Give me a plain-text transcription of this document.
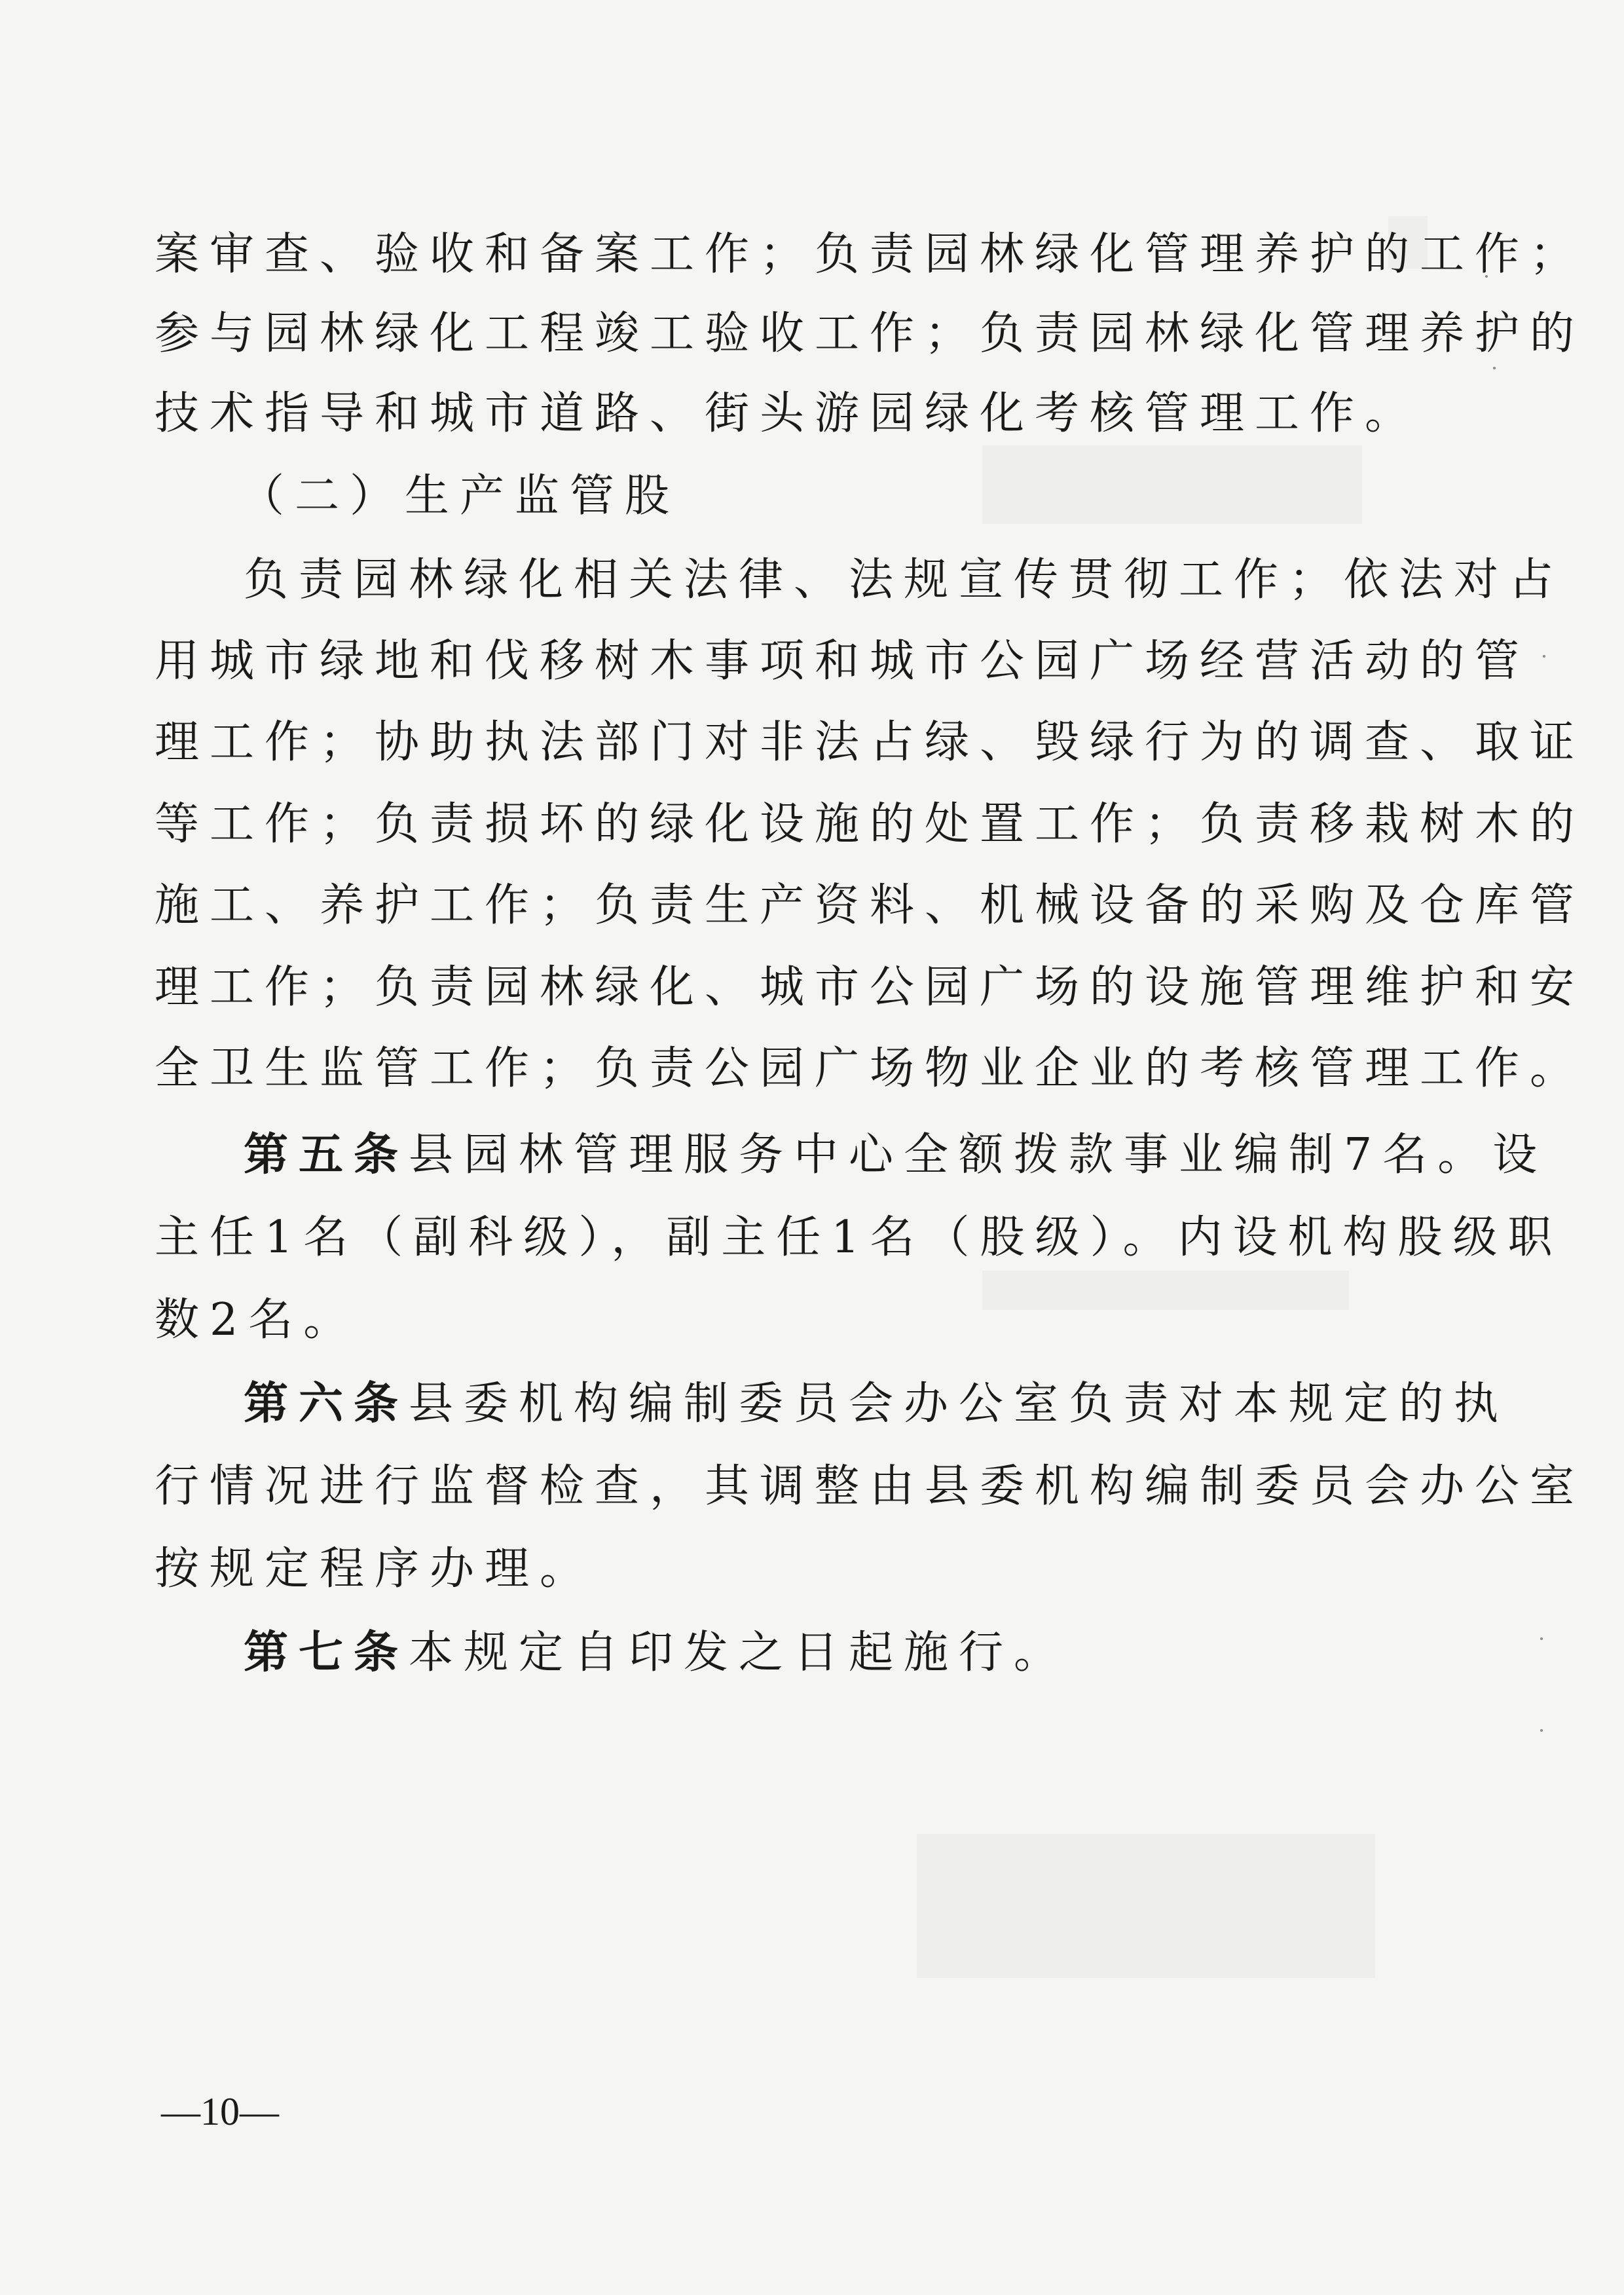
案审查、验收和备案工作；负责园林绿化管理养护的工作；
参与园林绿化工程竣工验收工作；负责园林绿化管理养护的
技术指导和城市道路、街头游园绿化考核管理工作。
（二）生产监管股
负责园林绿化相关法律、法规宣传贯彻工作；依法对占
用城市绿地和伐移树木事项和城市公园广场经营活动的管
理工作；协助执法部门对非法占绿、毁绿行为的调查、取证
等工作；负责损坏的绿化设施的处置工作；负责移栽树木的
施工、养护工作；负责生产资料、机械设备的采购及仓库管
理工作；负责园林绿化、城市公园广场的设施管理维护和安
全卫生监管工作；负责公园广场物业企业的考核管理工作。
第五条县园林管理服务中心全额拨款事业编制7名。设
主任1名（副科级），副主任1名（股级）。内设机构股级职
数2名。
第六条县委机构编制委员会办公室负责对本规定的执
行情况进行监督检查，其调整由县委机构编制委员会办公室
按规定程序办理。
第七条本规定自印发之日起施行。
—10—
